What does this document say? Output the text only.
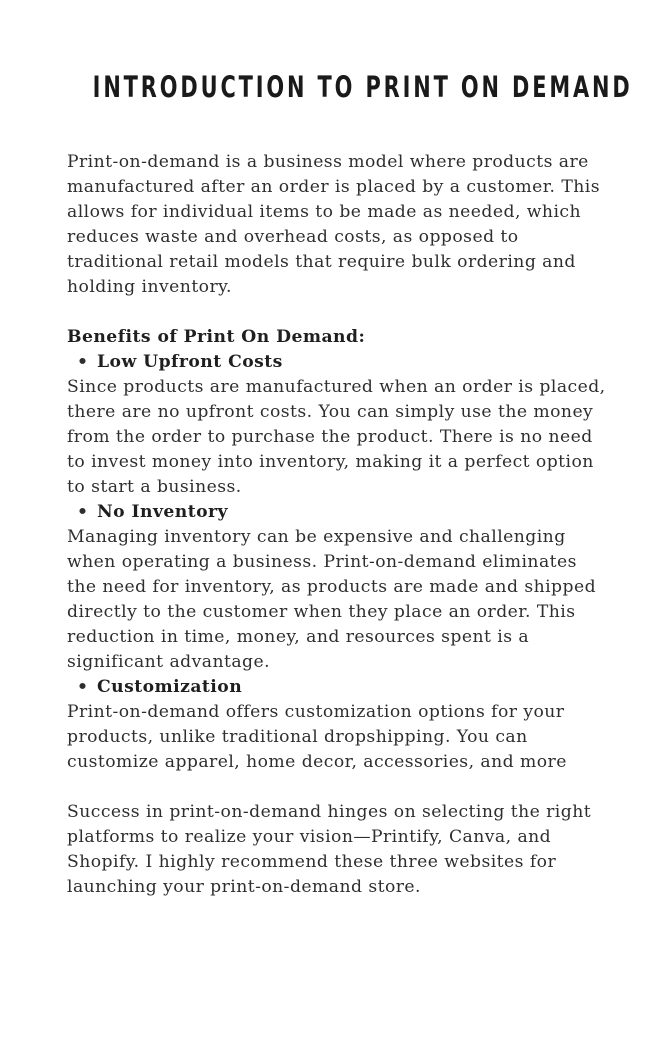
INTRODUCTION TO PRINT ON DEMAND

Print-on-demand is a business model where products are manufactured after an order is placed by a customer. This allows for individual items to be made as needed, which reduces waste and overhead costs, as opposed to traditional retail models that require bulk ordering and holding inventory.

Benefits of Print On Demand:

• Low Upfront Costs

Since products are manufactured when an order is placed, there are no upfront costs. You can simply use the money from the order to purchase the product. There is no need to invest money into inventory, making it a perfect option to start a business.

• No Inventory

Managing inventory can be expensive and challenging when operating a business. Print-on-demand eliminates the need for inventory, as products are made and shipped directly to the customer when they place an order. This reduction in time, money, and resources spent is a significant advantage.

• Customization

Print-on-demand offers customization options for your products, unlike traditional dropshipping. You can customize apparel, home decor, accessories, and more

Success in print-on-demand hinges on selecting the right platforms to realize your vision—Printify, Canva, and Shopify. I highly recommend these three websites for launching your print-on-demand store.
